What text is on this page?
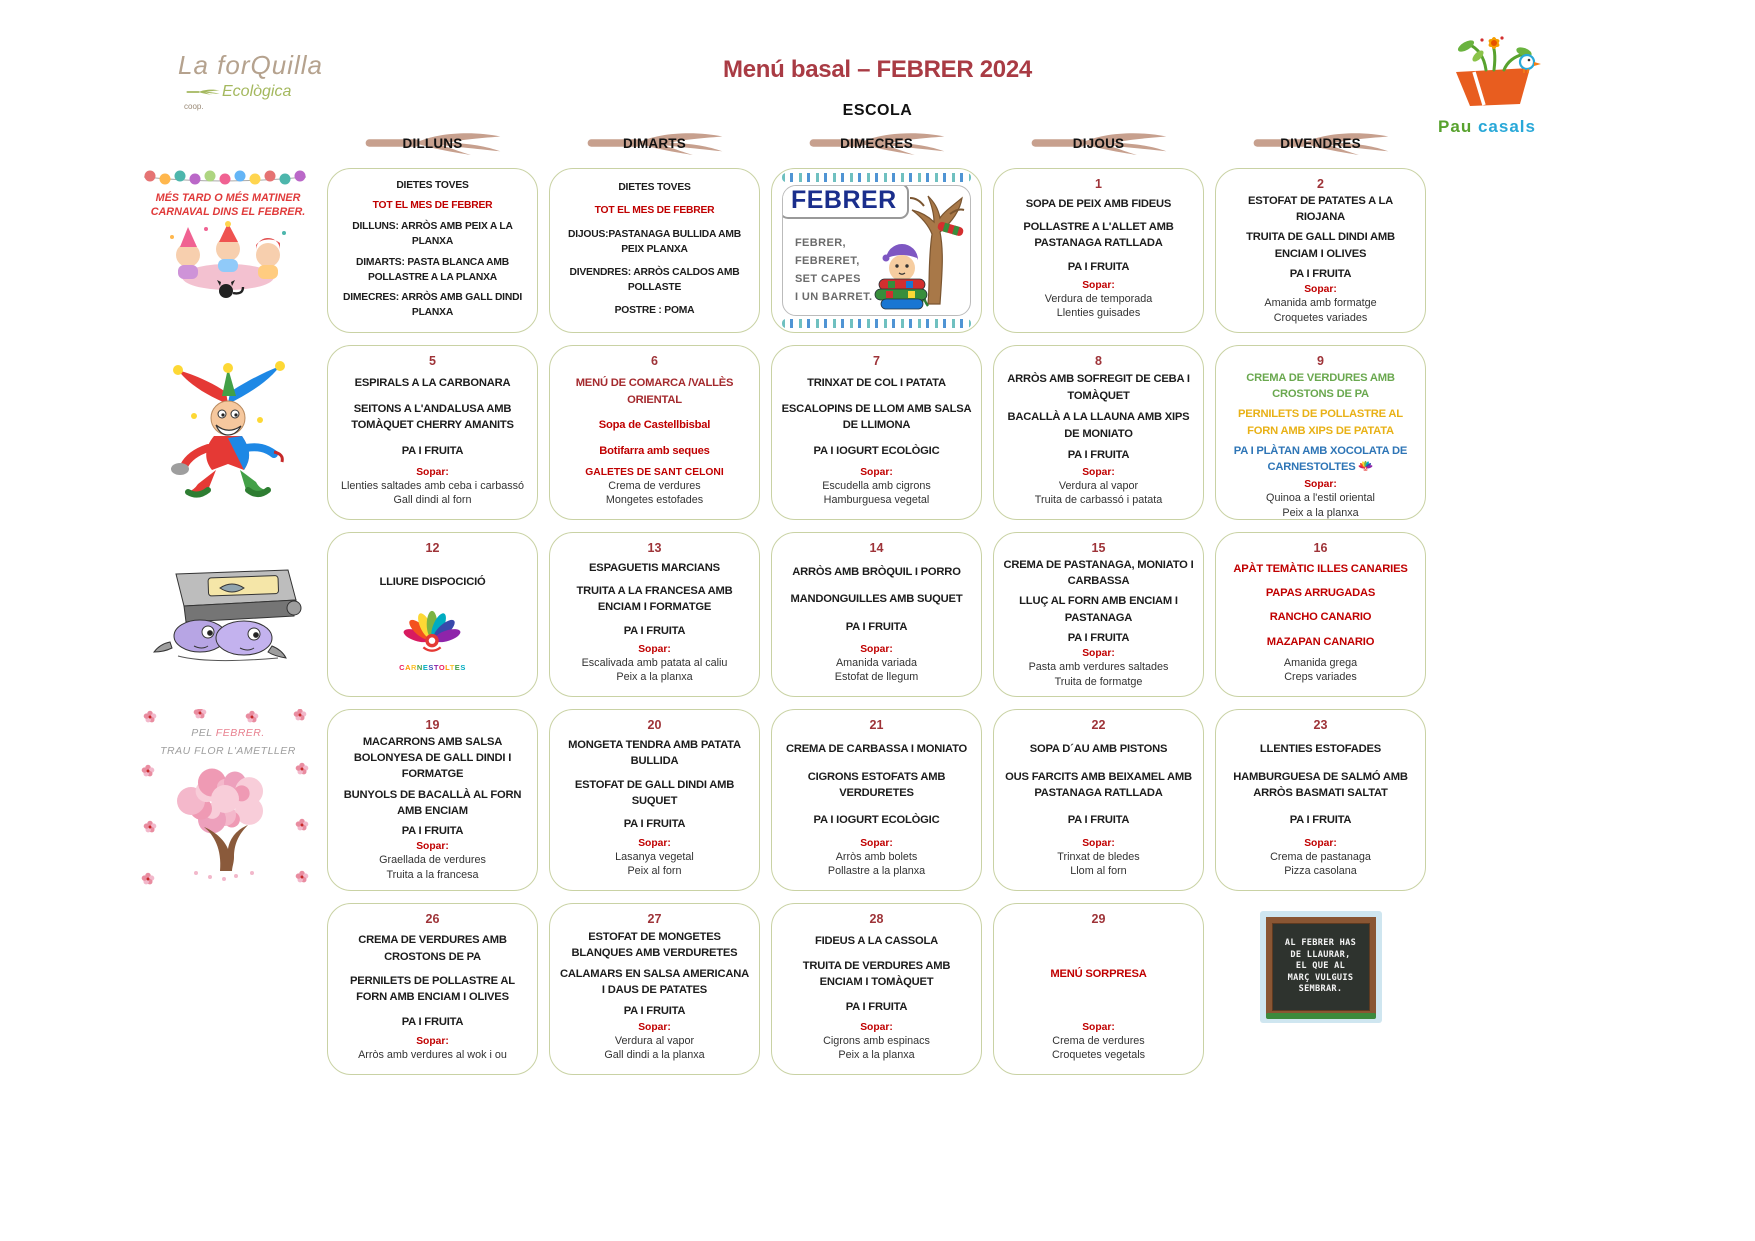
La forQuilla
Ecològica
coop.
Menú basal – FEBRER 2024
ESCOLA
Pau casals
DILLUNS	DIMARTS	DIMECRES	DIJOUS	DIVENDRES
MÉS TARD O MÉS MATINER
CARNAVAL DINS EL FEBRER.
DIETES TOVES
TOT EL MES DE FEBRER
DILLUNS: ARRÒS AMB PEIX A LA PLANXA
DIMARTS: PASTA BLANCA AMB POLLASTRE A LA PLANXA
DIMECRES: ARRÒS AMB GALL DINDI PLANXA
DIETES TOVES
TOT EL MES DE FEBRER
DIJOUS:PASTANAGA BULLIDA AMB PEIX PLANXA
DIVENDRES: ARRÒS CALDOS AMB POLLASTE
POSTRE : POMA
FEBRER
FEBRER,
FEBRERET,
SET CAPES
I UN BARRET.
1
SOPA DE PEIX AMB FIDEUS
POLLASTRE A L'ALLET AMB PASTANAGA RATLLADA
PA I FRUITA
Sopar:
Verdura de temporada
Llenties guisades
2
ESTOFAT DE PATATES A LA RIOJANA
TRUITA DE GALL DINDI AMB ENCIAM I OLIVES
PA I FRUITA
Sopar:
Amanida amb formatge
Croquetes variades
5
ESPIRALS A LA CARBONARA
SEITONS A L'ANDALUSA AMB TOMÀQUET CHERRY AMANITS
PA I FRUITA
Sopar:
Llenties saltades amb ceba i carbassó
Gall dindi al forn
6
MENÚ DE COMARCA /VALLÈS ORIENTAL
Sopa de Castellbisbal
Botifarra amb seques
GALETES DE SANT CELONI
Crema de verdures
Mongetes estofades
7
TRINXAT DE COL I PATATA
ESCALOPINS DE LLOM AMB SALSA DE LLIMONA
PA I IOGURT ECOLÒGIC
Sopar:
Escudella amb cigrons
Hamburguesa vegetal
8
ARRÒS AMB SOFREGIT DE CEBA I TOMÀQUET
BACALLÀ A LA LLAUNA AMB XIPS DE MONIATO
PA I FRUITA
Sopar:
Verdura al vapor
Truita de carbassó i patata
9
CREMA DE VERDURES AMB CROSTONS DE PA
PERNILETS DE POLLASTRE AL FORN AMB XIPS DE PATATA
PA I PLÀTAN AMB XOCOLATA DE CARNESTOLTES
Sopar:
Quinoa a l'estil oriental
Peix a la planxa
12
LLIURE DISPOCICIÓ
CARNESTOLTES
13
ESPAGUETIS MARCIANS
TRUITA A LA FRANCESA AMB ENCIAM I FORMATGE
PA I FRUITA
Sopar:
Escalivada amb patata al caliu
Peix a la planxa
14
ARRÒS AMB BRÒQUIL I PORRO
MANDONGUILLES AMB SUQUET
PA I FRUITA
Sopar:
Amanida variada
Estofat de llegum
15
CREMA DE PASTANAGA, MONIATO I CARBASSA
LLUÇ AL FORN AMB ENCIAM I PASTANAGA
PA I FRUITA
Sopar:
Pasta amb verdures saltades
Truita de formatge
16
APÀT TEMÀTIC ILLES CANARIES
PAPAS ARRUGADAS
RANCHO CANARIO
MAZAPAN CANARIO
Amanida grega
Creps variades
PEL FEBRER.
TRAU FLOR L'AMETLLER
19
MACARRONS AMB SALSA BOLONYESA DE GALL DINDI I FORMATGE
BUNYOLS DE BACALLÀ AL FORN AMB ENCIAM
PA I FRUITA
Sopar:
Graellada de verdures
Truita a la francesa
20
MONGETA TENDRA AMB PATATA BULLIDA
ESTOFAT DE GALL DINDI AMB SUQUET
PA I FRUITA
Sopar:
Lasanya vegetal
Peix al forn
21
CREMA DE CARBASSA I MONIATO
CIGRONS ESTOFATS AMB VERDURETES
PA I IOGURT ECOLÒGIC
Sopar:
Arròs amb bolets
Pollastre a la planxa
22
SOPA D´AU AMB PISTONS
OUS FARCITS AMB BEIXAMEL AMB PASTANAGA RATLLADA
PA I FRUITA
Sopar:
Trinxat de bledes
Llom al forn
23
LLENTIES ESTOFADES
HAMBURGUESA DE SALMÓ AMB ARRÒS BASMATI SALTAT
PA I FRUITA
Sopar:
Crema de pastanaga
Pizza casolana
26
CREMA DE VERDURES AMB CROSTONS DE PA
PERNILETS DE POLLASTRE AL FORN AMB ENCIAM I OLIVES
PA I FRUITA
Sopar:
Arròs amb verdures al wok i ou
27
ESTOFAT DE MONGETES BLANQUES AMB VERDURETES
CALAMARS EN SALSA AMERICANA I DAUS DE PATATES
PA I FRUITA
Sopar:
Verdura al vapor
Gall dindi a la planxa
28
FIDEUS A LA CASSOLA
TRUITA DE VERDURES AMB ENCIAM I TOMÀQUET
PA I FRUITA
Sopar:
Cigrons amb espinacs
Peix a la planxa
29
MENÚ SORPRESA
Sopar:
Crema de verdures
Croquetes vegetals
AL FEBRER HAS
DE LLAURAR,
EL QUE AL
MARÇ VULGUIS
SEMBRAR.
